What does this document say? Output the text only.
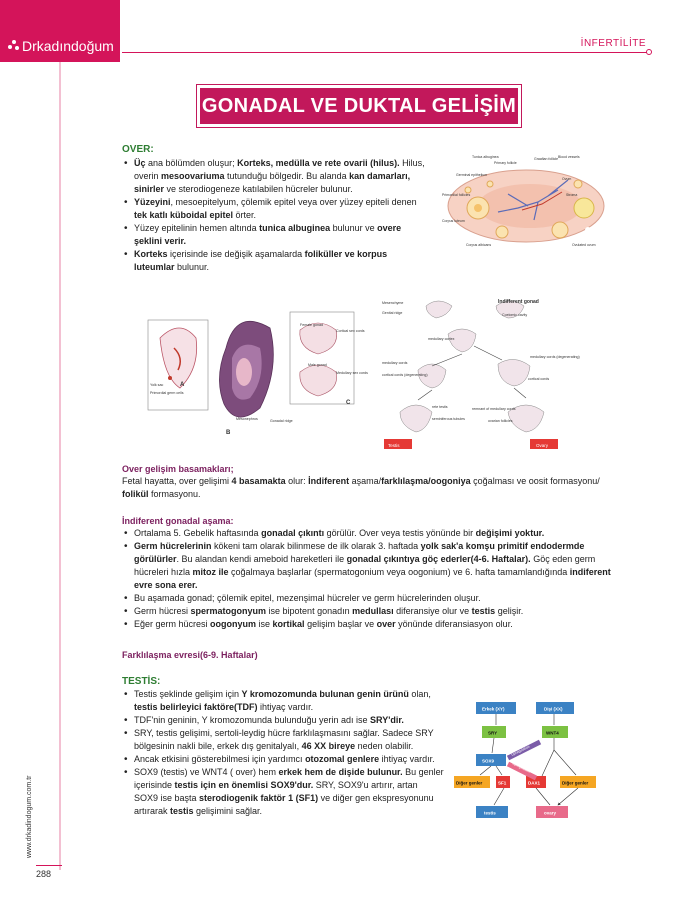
Drkadındoğum
www.drkadindogum.com.tr
288
İNFERTİLİTE
GONADAL VE DUKTAL GELİŞİM
OVER:
• Üç ana bölümden oluşur; Korteks, medülla ve rete ovarii (hilus). Hilus, overin mesoovariuma tutunduğu bölgedir. Bu alanda kan damarları, sinirler ve sterodiogeneze katılabilen hücreler bulunur.
• Yüzeyini, mesoepitelyum, çölemik epitel veya over yüzey epiteli denen tek katlı küboidal epitel örter.
• Yüzey epitelinin hemen altında tunica albuginea bulunur ve overe şeklini verir.
• Korteks içerisinde ise değişik aşamalarda foliküller ve korpus luteumlar bulunur.
Tunica albuginea
Primary follicle
Graafian follicle
Germinal epithelium
Primordial follicles
Corpus luteum
Blood vessels
Stroma
Ovum
Corpus albicans	Ovulated ovum
Female gonad
Cortical sex cords
Male gonad
Medullary sex cords
Mesonephros	Gonadal ridge
Yolk sac
Primordial germ cells
A
B
C
Mesenchyme	Indifferent gonad
Genital ridge	Coelomic cavity
medullary cortex
medullary cords (degenerating)
medullary cords
cortical cords
cortical cords (degenerating)
rete testis
seminiferous tubules
remnant of medullary cords
ovarian follicles
Testis	Ovary
Over gelişim basamakları;
Fetal hayatta, over gelişimi 4 basamakta olur: İndiferent aşama/farklılaşma/oogoniya çoğalması ve oosit formasyonu/ folikül formasyonu.
İndiferent gonadal aşama:
• Ortalama 5. Gebelik haftasında gonadal çıkıntı görülür. Over veya testis yönünde bir değişimi yoktur.
• Germ hücrelerinin kökeni tam olarak bilinmese de ilk olarak 3. haftada yolk sak'a komşu primitif endodermde görülürler. Bu alandan kendi ameboid hareketleri ile gonadal çıkıntıya göç ederler(4-6. Haftalar). Göç eden germ hücreleri hızla mitoz ile çoğalmaya başlarlar (spermatogonium veya oogonium) ve 6. hafta tamamlandığında indiferent evre sona erer.
• Bu aşamada gonad; çölemik epitel, mezenşimal hücreler ve germ hücrelerinden oluşur.
• Germ hücresi spermatogonyum ise bipotent gonadın medullası diferansiye olur ve testis gelişir.
• Eğer germ hücresi oogonyum ise kortikal gelişim başlar ve over yönünde diferansiasyon olur.
Farklılaşma evresi(6-9. Haftalar)
TESTİS:
• Testis şeklinde gelişim için Y kromozomunda bulunan genin ürünü olan, testis belirleyici faktöre(TDF) ihtiyaç vardır.
• TDF'nin geninin, Y kromozomunda bulunduğu yerin adı ise SRY'dir.
• SRY, testis gelişimi, sertoli-leydig hücre farklılaşmasını sağlar. Sadece SRY bölgesinin nakli bile, erkek dış genitalyalı, 46 XX bireye neden olabilir.
• Ancak etkisini gösterebilmesi için yardımcı otozomal genlere ihtiyaç vardır.
• SOX9 (testis) ve WNT4 ( over) hem erkek hem de dişide bulunur. Bu genler içerisinde testis için en önemlisi SOX9'dur. SRY, SOX9'u artırır, artan SOX9 ise başta sterodiogenik faktör 1 (SF1) ve diğer gen ekspresyonunu artırarak testis gelişimini sağlar.
Erkek (XY)	Dişi (XX)
SRY	WNT4
SOX9
Diğer genler	SF1	DAX1	Diğer genler
testis	ovary
Upregulation
Upregulation
